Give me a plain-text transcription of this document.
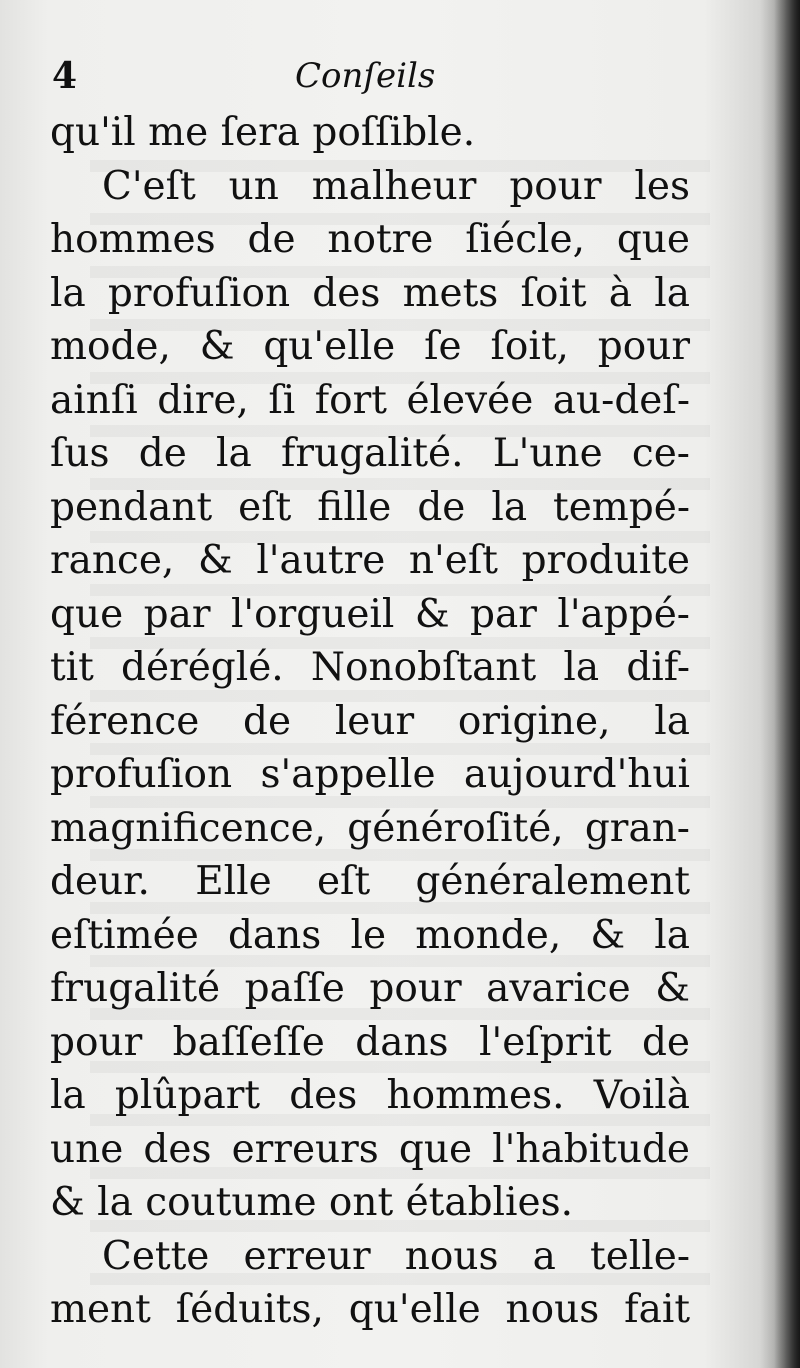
4	Conſeils
qu'il me ſera poſſible.
C'eſt un malheur pour les
hommes de notre ſiécle, que
la profuſion des mets ſoit à la
mode, & qu'elle ſe ſoit, pour
ainſi dire, ſi fort élevée au-deſ-
ſus de la frugalité. L'une ce-
pendant eſt fille de la tempé-
rance, & l'autre n'eſt produite
que par l'orgueil & par l'appé-
tit déréglé. Nonobſtant la dif-
férence de leur origine, la
profuſion s'appelle aujourd'hui
magnificence, généroſité, gran-
deur. Elle eſt généralement
eſtimée dans le monde, & la
frugalité paſſe pour avarice &
pour baſſeſſe dans l'eſprit de
la plûpart des hommes. Voilà
une des erreurs que l'habitude
& la coutume ont établies.
Cette erreur nous a telle-
ment ſéduits, qu'elle nous fait
